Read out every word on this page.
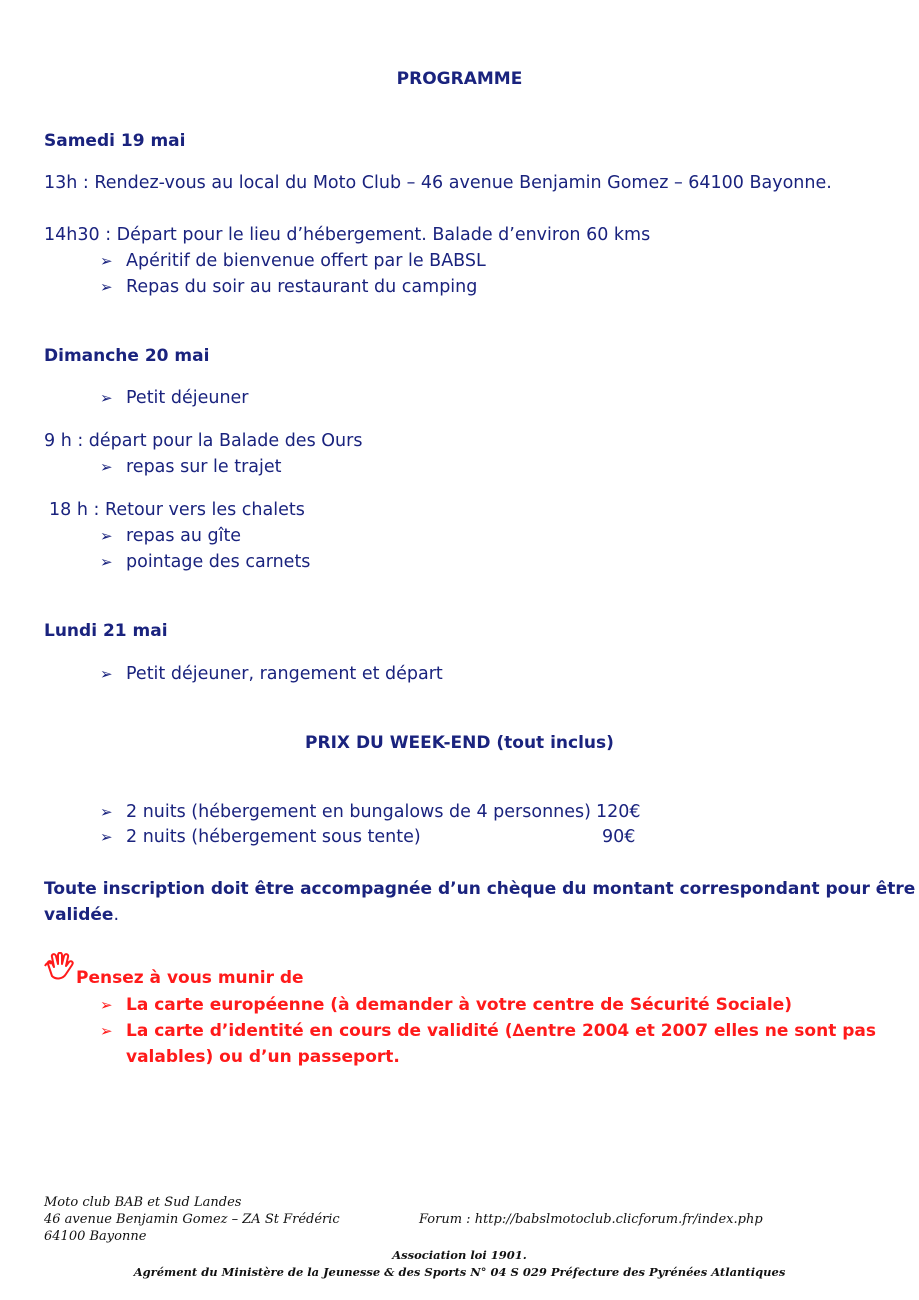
PROGRAMME
Samedi 19 mai
13h : Rendez-vous au local du Moto Club – 46 avenue Benjamin Gomez – 64100 Bayonne.
14h30 : Départ pour le lieu d’hébergement. Balade d’environ 60 kms
➢ Apéritif de bienvenue offert par le BABSL
➢ Repas du soir au restaurant du camping
Dimanche 20 mai
➢ Petit déjeuner
9 h : départ pour la Balade des Ours
➢ repas sur le trajet
18 h : Retour vers les chalets
➢ repas au gîte
➢ pointage des carnets
Lundi 21 mai
➢ Petit déjeuner, rangement et départ
PRIX DU WEEK-END (tout inclus)
➢ 2 nuits (hébergement en bungalows de 4 personnes) 120€
➢ 2 nuits (hébergement sous tente)	90€
Toute inscription doit être accompagnée d’un chèque du montant correspondant pour être
validée.
Pensez à vous munir de
➢ La carte européenne (à demander à votre centre de Sécurité Sociale)
➢ La carte d’identité en cours de validité (∆entre 2004 et 2007 elles ne sont pas
valables) ou d’un passeport.
Moto club BAB et Sud Landes
46 avenue Benjamin Gomez – ZA St Frédéric
64100 Bayonne
Forum : http://babslmotoclub.clicforum.fr/index.php
Association loi 1901.
Agrément du Ministère de la Jeunesse & des Sports N° 04 S 029 Préfecture des Pyrénées Atlantiques
